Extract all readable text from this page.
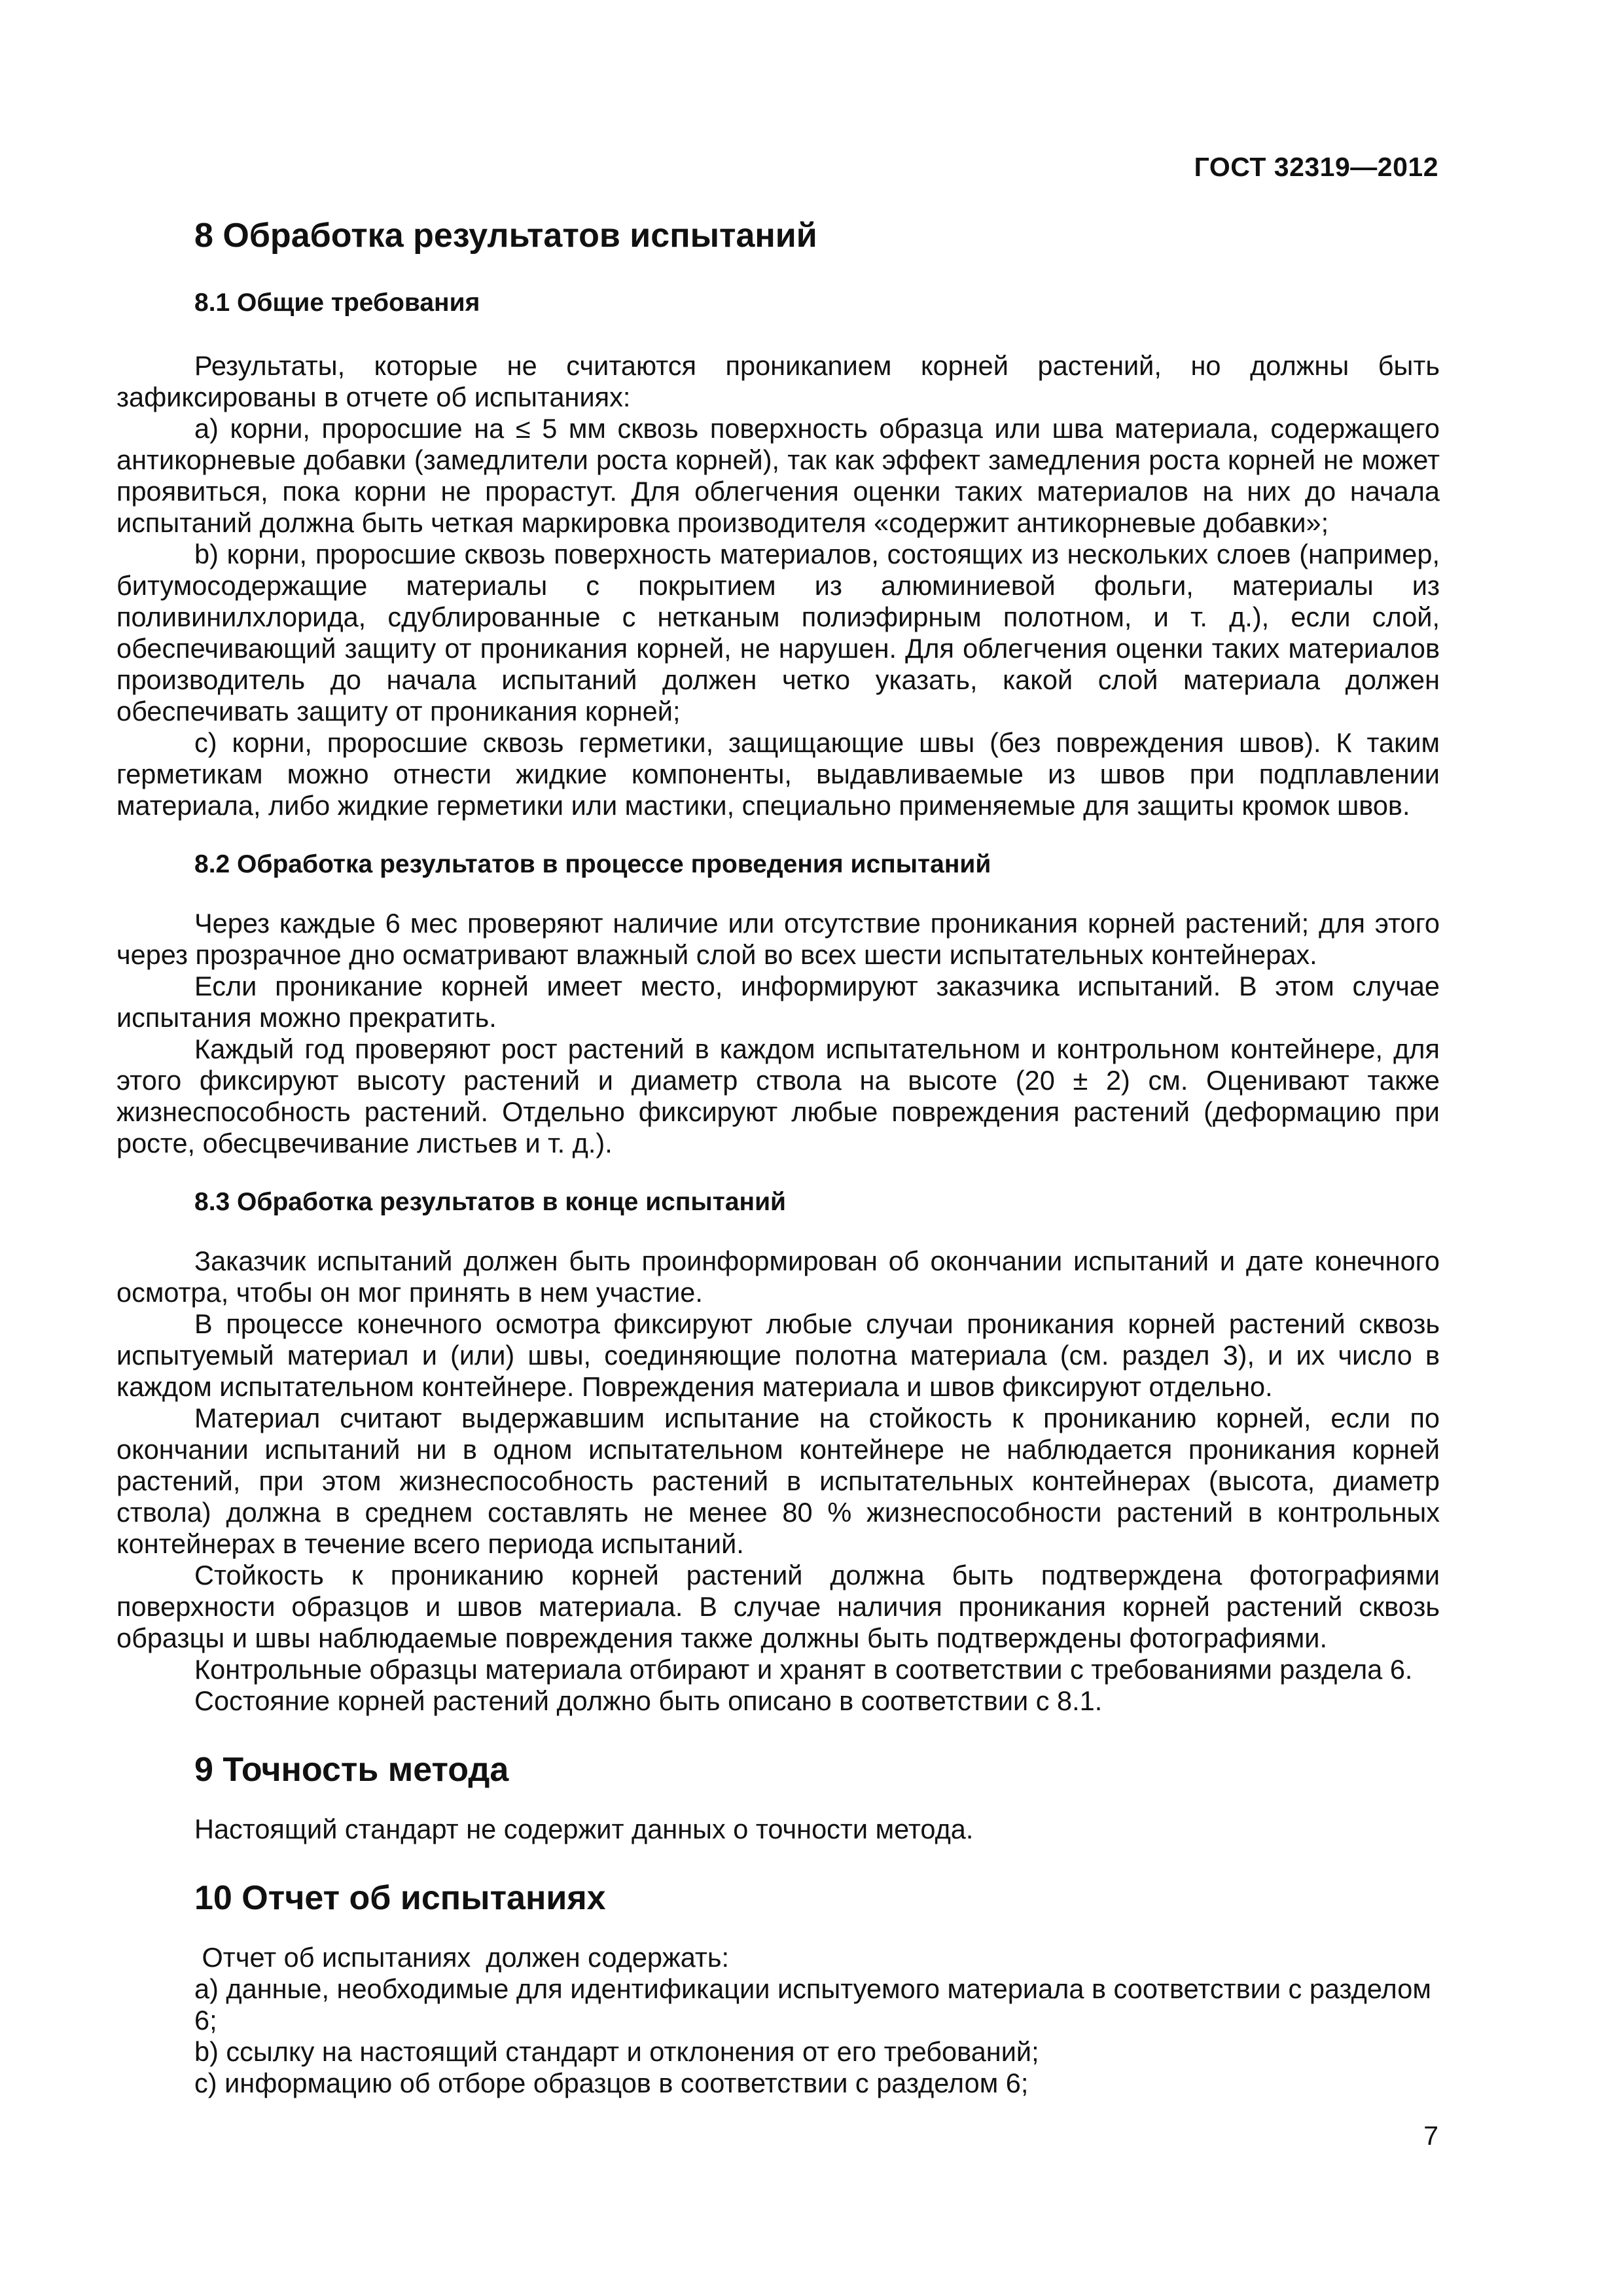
ГОСТ 32319—2012
8 Обработка результатов испытаний
8.1 Общие требования

Результаты, которые не считаются проникanием корней растений, но должны быть зафиксированы в отчете об испытаниях:

a) корни, проросшие на ≤ 5 мм сквозь поверхность образца или шва материала, содержащего антикорневые добавки (замедлители роста корней), так как эффект замедления роста корней не может проявиться, пока корни не прорастут. Для облегчения оценки таких материалов на них до начала испытаний должна быть четкая маркировка производителя «содержит антикорневые добавки»;

b) корни, проросшие сквозь поверхность материалов, состоящих из нескольких слоев (например, битумосодержащие материалы с покрытием из алюминиевой фольги, материалы из поливинилхлорида, сдублированные с нетканым полиэфирным полотном, и т. д.), если слой, обеспечивающий защиту от проникания корней, не нарушен. Для облегчения оценки таких материалов производитель до начала испытаний должен четко указать, какой слой материала должен обеспечивать защиту от проникания корней;

c) корни, проросшие сквозь герметики, защищающие швы (без повреждения швов). К таким герметикам можно отнести жидкие компоненты, выдавливаемые из швов при подплавлении материала, либо жидкие герметики или мастики, специально применяемые для защиты кромок швов.

8.2 Обработка результатов в процессе проведения испытаний

Через каждые 6 мес проверяют наличие или отсутствие проникания корней растений; для этого через прозрачное дно осматривают влажный слой во всех шести испытательных контейнерах.

Если проникание корней имеет место, информируют заказчика испытаний. В этом случае испытания можно прекратить.

Каждый год проверяют рост растений в каждом испытательном и контрольном контейнере, для этого фиксируют высоту растений и диаметр ствола на высоте (20 ± 2) см. Оценивают также жизнеспособность растений. Отдельно фиксируют любые повреждения растений (деформацию при росте, обесцвечивание листьев и т. д.).

8.3 Обработка результатов в конце испытаний

Заказчик испытаний должен быть проинформирован об окончании испытаний и дате конечного осмотра, чтобы он мог принять в нем участие.

В процессе конечного осмотра фиксируют любые случаи проникания корней растений сквозь испытуемый материал и (или) швы, соединяющие полотна материала (см. раздел 3), и их число в каждом испытательном контейнере. Повреждения материала и швов фиксируют отдельно.

Материал считают выдержавшим испытание на стойкость к прониканию корней, если по окончании испытаний ни в одном испытательном контейнере не наблюдается проникания корней растений, при этом жизнеспособность растений в испытательных контейнерах (высота, диаметр ствола) должна в среднем составлять не менее 80 % жизнеспособности растений в контрольных контейнерах в течение всего периода испытаний.

Стойкость к прониканию корней растений должна быть подтверждена фотографиями поверхности образцов и швов материала. В случае наличия проникания корней растений сквозь образцы и швы наблюдаемые повреждения также должны быть подтверждены фотографиями.

Контрольные образцы материала отбирают и хранят в соответствии с требованиями раздела 6.

Состояние корней растений должно быть описано в соответствии с 8.1.

9 Точность метода

Настоящий стандарт не содержит данных о точности метода.

10 Отчет об испытаниях

Отчет об испытаниях  должен содержать:

a) данные, необходимые для идентификации испытуемого материала в соответствии с разделом 6;

b) ссылку на настоящий стандарт и отклонения от его требований;

c) информацию об отборе образцов в соответствии с разделом 6;

7
